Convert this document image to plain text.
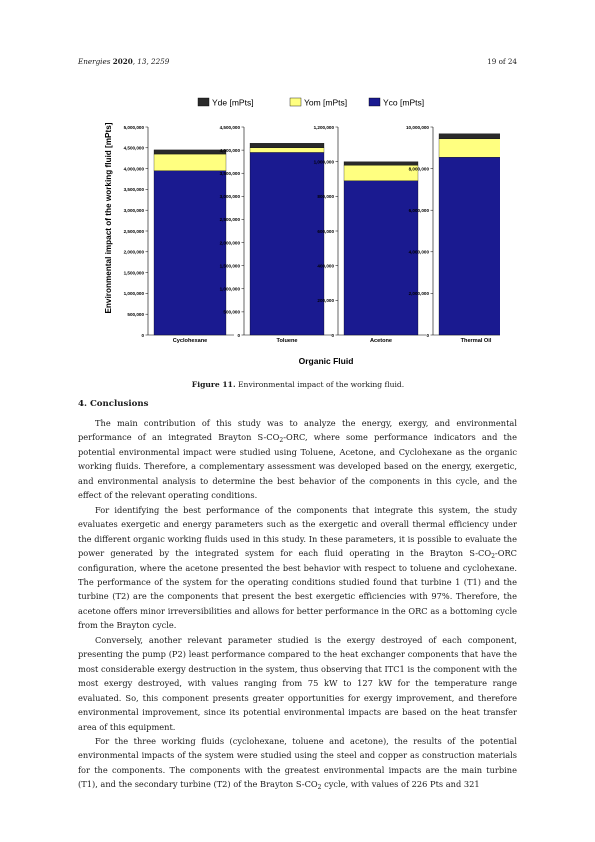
Energies 2020, 13, 2259	19 of 24
Yde [mPts]	Yom [mPts]	Yco [mPts]
Environmental impact of the working fluid [mPts]
Organic Fluid
0
500,000
1,000,000
1,500,000
2,000,000
2,500,000
3,000,000
3,500,000
4,000,000
4,500,000
5,000,000
Cyclohexane
0
500,000
1,000,000
1,500,000
2,000,000
2,500,000
3,000,000
3,500,000
4,000,000
4,500,000
Toluene
0
200,000
400,000
600,000
800,000
1,000,000
1,200,000
Acetone
0
2,000,000
4,000,000
6,000,000
8,000,000
10,000,000
Thermal Oil
Figure 11. Environmental impact of the working fluid.
4. Conclusions

The main contribution of this study was to analyze the energy, exergy, and environmental performance of an integrated Brayton $S-CO_2$-ORC, where some performance indicators and the potential environmental impact were studied using Toluene, Acetone, and Cyclohexane as the organic working fluids. Therefore, a complementary assessment was developed based on the energy, exergetic, and environmental analysis to determine the best behavior of the components in this cycle, and the effect of the relevant operating conditions.

For identifying the best performance of the components that integrate this system, the study evaluates exergetic and energy parameters such as the exergetic and overall thermal efficiency under the different organic working fluids used in this study. In these parameters, it is possible to evaluate the power generated by the integrated system for each fluid operating in the Brayton $S-CO_2$-ORC configuration, where the acetone presented the best behavior with respect to toluene and cyclohexane. The performance of the system for the operating conditions studied found that turbine 1 (T1) and the turbine (T2) are the components that present the best exergetic efficiencies with 97%. Therefore, the acetone offers minor irreversibilities and allows for better performance in the ORC as a bottoming cycle from the Brayton cycle.

Conversely, another relevant parameter studied is the exergy destroyed of each component, presenting the pump (P2) least performance compared to the heat exchanger components that have the most considerable exergy destruction in the system, thus observing that ITC1 is the component with the most exergy destroyed, with values ranging from 75 kW to 127 kW for the temperature range evaluated. So, this component presents greater opportunities for exergy improvement, and therefore environmental improvement, since its potential environmental impacts are based on the heat transfer area of this equipment.

For the three working fluids (cyclohexane, toluene and acetone), the results of the potential environmental impacts of the system were studied using the steel and copper as construction materials for the components. The components with the greatest environmental impacts are the main turbine (T1), and the secondary turbine (T2) of the Brayton $S-CO_2$ cycle, with values of 226 Pts and 321
